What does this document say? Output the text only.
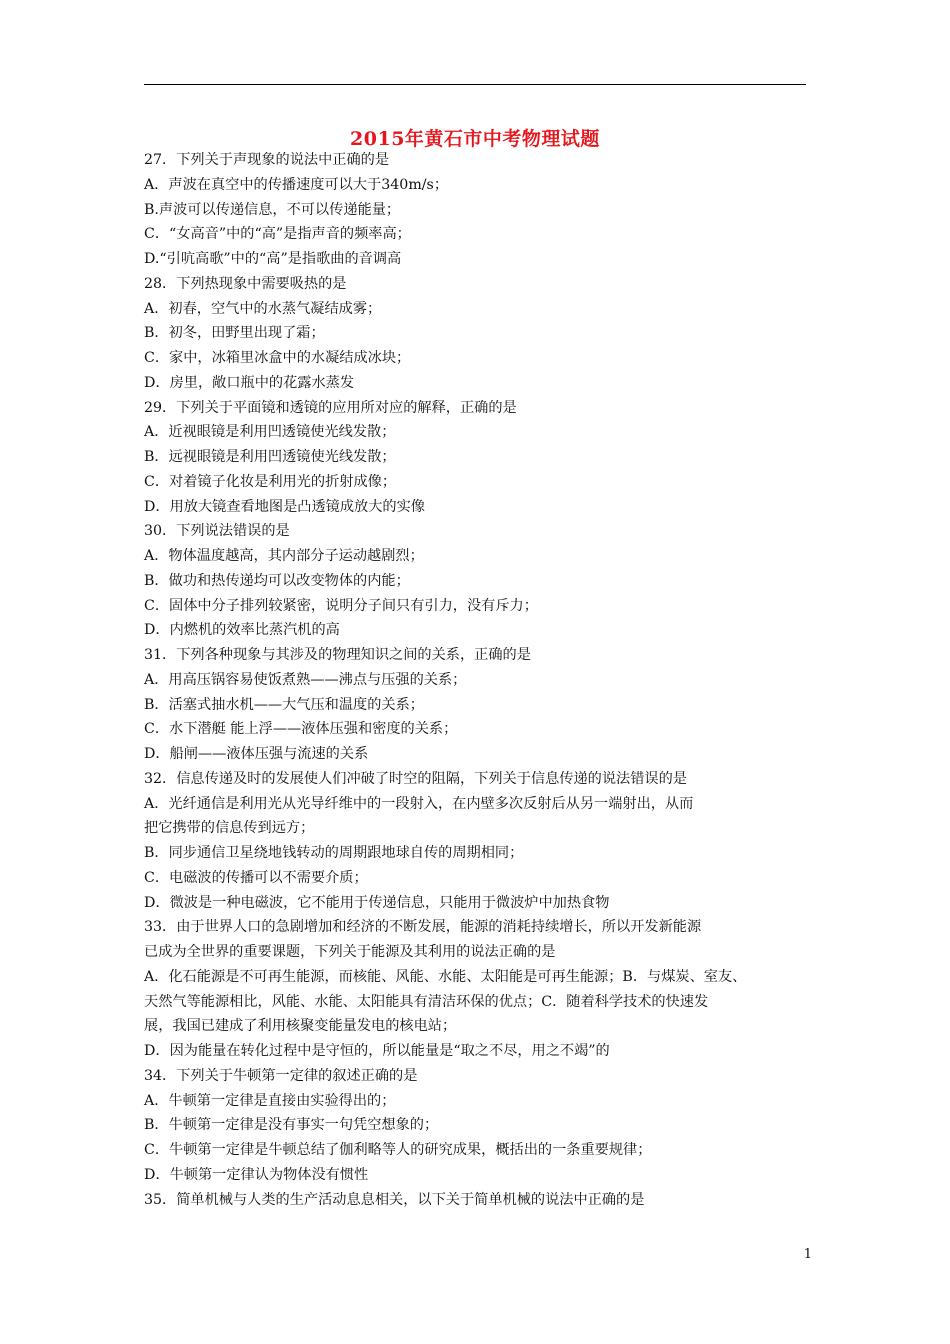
2015年黄石市中考物理试题
27．下列关于声现象的说法中正确的是
A．声波在真空中的传播速度可以大于340m/s；
B.声波可以传递信息，不可以传递能量；
C．“女高音”中的“高”是指声音的频率高；
D.“引吭高歌”中的“高”是指歌曲的音调高
28．下列热现象中需要吸热的是
A．初春，空气中的水蒸气凝结成雾；
B．初冬，田野里出现了霜；
C．家中，冰箱里冰盒中的水凝结成冰块；
D．房里，敞口瓶中的花露水蒸发
29．下列关于平面镜和透镜的应用所对应的解释，正确的是
A．近视眼镜是利用凹透镜使光线发散；
B．远视眼镜是利用凹透镜使光线发散；
C．对着镜子化妆是利用光的折射成像；
D．用放大镜查看地图是凸透镜成放大的实像
30．下列说法错误的是
A．物体温度越高，其内部分子运动越剧烈；
B．做功和热传递均可以改变物体的内能；
C．固体中分子排列较紧密，说明分子间只有引力，没有斥力；
D．内燃机的效率比蒸汽机的高
31．下列各种现象与其涉及的物理知识之间的关系，正确的是
A．用高压锅容易使饭煮熟——沸点与压强的关系；
B．活塞式抽水机——大气压和温度的关系；
C．水下潜艇 能上浮——液体压强和密度的关系；
D．船闸——液体压强与流速的关系
32．信息传递及时的发展使人们冲破了时空的阻隔，下列关于信息传递的说法错误的是
A．光纤通信是利用光从光导纤维中的一段射入，在内壁多次反射后从另一端射出，从而
把它携带的信息传到远方；
B．同步通信卫星绕地钱转动的周期跟地球自传的周期相同；
C．电磁波的传播可以不需要介质；
D．微波是一种电磁波，它不能用于传递信息，只能用于微波炉中加热食物
33．由于世界人口的急剧增加和经济的不断发展，能源的消耗持续增长，所以开发新能源
已成为全世界的重要课题，下列关于能源及其利用的说法正确的是
A．化石能源是不可再生能源，而核能、风能、水能、太阳能是可再生能源；B．与煤炭、室友、
天然气等能源相比，风能、水能、太阳能具有清洁环保的优点；C．随着科学技术的快速发
展，我国已建成了利用核聚变能量发电的核电站；
D．因为能量在转化过程中是守恒的，所以能量是“取之不尽，用之不竭”的
34．下列关于牛顿第一定律的叙述正确的是
A．牛顿第一定律是直接由实验得出的；
B．牛顿第一定律是没有事实一句凭空想象的；
C．牛顿第一定律是牛顿总结了伽利略等人的研究成果，概括出的一条重要规律；
D．牛顿第一定律认为物体没有惯性
35．简单机械与人类的生产活动息息相关，以下关于简单机械的说法中正确的是
1
